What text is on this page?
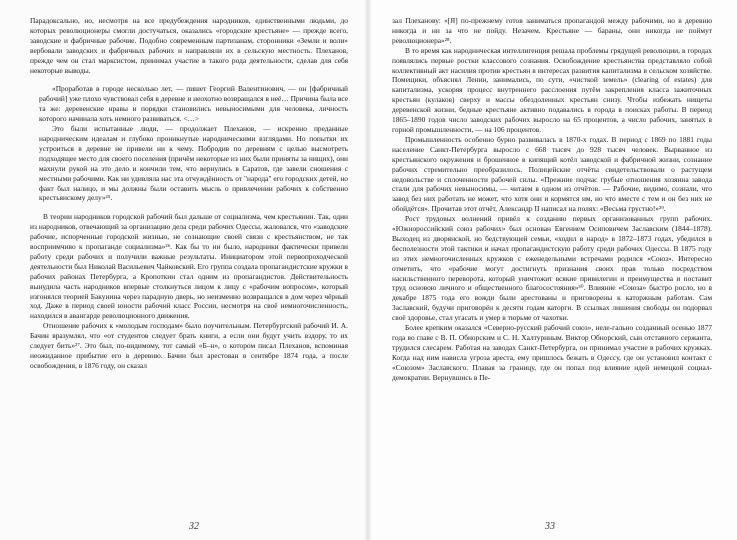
Парадоксально, но, несмотря на все предубеждения народников, единственными людьми, до которых революционеры смогли достучаться, оказались «городские крестьяне» — прежде всего, заводские и фабричные рабочие. Подобно современным партизанам, сторонники «Земли и воли» вербовали заводских и фабричных рабочих и направляли их в сельскую местность. Плеханов, прежде чем он стал марксистом, принимал участие в такого рода деятельности, сделав для себя некоторые выводы.

«Проработав в городе несколько лет, — пишет Георгий Валентинович, — он [фабричный рабочий] уже плохо чувствовал себя в деревне и неохотно возвращался в неё… Причина была все та же: деревенские нравы и порядки становились невыносимыми для человека, личность которого начинала хоть немного развиваться. <…>

Это были испытанные люди, — продолжает Плеханов, — искренно преданные народническим идеалам и глубоко проникнутые народническими взглядами. Но попытки их устроиться в деревне не привели ни к чему. Побродив по деревням с целью высмотреть подходящее место для своего поселения (причём некоторые из них были приняты за нищих), они махнули рукой на это дело и кончили тем, что вернулись в Саратов, где завели сношения с местными рабочими. Как ни удивляла нас эта отчуждённость от "народа" его городских детей, но факт был налицо, и мы должны были оставить мысль о привлечении рабочих к собственно крестьянскому делу»²⁵.

В теории народников городской рабочий был дальше от социализма, чем крестьянин. Так, один из народников, отвечающий за организацию дела среди рабочих Одессы, жаловался, что «заводские рабочие, испорченные городской жизнью, не сознающие своей связи с крестьянством, не так восприимчиво к пропаганде социализма»²⁶. Как бы то ни было, народники фактически привели работу среди рабочих и получили важные результаты. Инициатором этой первопроходческой деятельности был Николай Васильевич Чайковский. Его группа создала пропагандистские кружки в рабочих районах Петербурга, а Кропоткин стал одним из пропагандистов. Действительность вынудила часть народников впервые столкнуться лицом к лицу с «рабочим вопросом», который изгонялся теорией Бакунина через парадную дверь, но неизменно возвращался в дом через чёрный ход. Даже в период своей юности рабочий класс России, несмотря на своё немногочисленность, находился в авангарде революционного движения.

Отношение рабочих к «молодым господам» было поучительным. Петербургский рабочий И. А. Бачин вразумлял, что «от студентов следует брать книги, а если они будут учить вздору, то их следует бить»²⁷. Это был, по-видимому, тот самый «Б–н», о котором писал Плеханов, вспоминая неожиданное прибытие его в деревню. Бачин был арестован в сентябре 1874 года, а после освобождения, в 1876 году, он сказал

32

зал Плеханову: «[Я] по-прежнему готов заниматься пропагандой между рабочими, но в деревню никогда и ни за что не пойду. Незачем. Крестьяне — бараны, они никогда не поймут революционера»²⁸.

В то время как народническая интеллигенция решала проблемы грядущей революции, в городах появлялись первые ростки классового сознания. Освобождение крестьянства представляло собой коллективный акт насилия против крестьян в интересах развития капитализма в сельском хозяйстве. Помещики, объяснял Ленин, занимались, по сути, «чисткой земель» (clearing of estates) для капитализма, ускоряя процесс внутреннего расслоения путём закрепления класса зажиточных крестьян (кулаков) сверху и массы обездоленных крестьян снизу. Чтобы избежать нищеты деревенской жизни, бедные крестьяне активно подавались в города в поисках работы. В период 1865–1890 годов число заводских рабочих выросло на 65 процентов, а число рабочих, занятых в горной промышленности, — на 106 процентов.

Промышленность особенно бурно развивалась в 1870-х годах. В период с 1869 по 1881 годы население Санкт-Петербурга выросло с 668 тысяч до 928 тысяч человек. Вырванное из крестьянского окружения и брошенное в кипящий котёл заводской и фабричной жизни, сознание рабочих стремительно преобразилось. Полицейские отчёты свидетельствовали о растущем недовольстве и сплоченности рабочей силы. «Прежние подчас грубые отношения хозяина завода стали для рабочих невыносимы, — читаем в одном из отчётов. — Рабочие, видимо, сознали, что завод без них работать не может, что хотя они и кормятся им, но что вместе с тем и он без них не обойдётся». Прочитав этот отчёт, Александр II написал на полях: «Весьма грустно!»²⁹.

Рост трудовых волнений привёл к созданию первых организованных групп рабочих. «Южнороссийский союз рабочих» был основан Евгением Осиповичем Заславским (1844–1878). Выходец из дворянской, но бедствующей семьи, «ходил в народ» в 1872–1873 годах, убедился в бесполезности этой тактики и начал пропагандистскую работу среди рабочих Одессы. В 1875 году из этих немногочисленных кружков с еженедельными встречами родился «Союз». Интересно отметить, что «рабочие могут достигнуть признания своих прав только посредством насильственного переворота, который уничтожит всякие привилегии и преимущества и поставит труд основою личного и общественного благосостояния»³⁰. Влияние «Союза» быстро росло, но в декабре 1875 года его вожди были арестованы и приговорены к каторжным работам. Сам Заславский, будучи приговорён к десяти годам каторги. В ссылках лишения свободы он подорвал своё здоровье, стал угасать и умер в тюрьме от чахотки.

Более крепким оказался «Северно-русский рабочий союз», неле-гально созданный осенью 1877 года во главе с В. П. Обнорским и С. Н. Халтуриным. Виктор Обнорский, сын отставного сержанта, трудился слесарем. Работая на заводах Санкт-Петербурга, он принимал участие в рабочих кружках. Когда над ним нависла угроза ареста, ему пришлось бежать в Одессу, где он установил контакт с «Союзом» Заславского. Плавая за границу, где он попал под влияние идей немецкой социал-демократии. Вернувшись в Пе-

33
